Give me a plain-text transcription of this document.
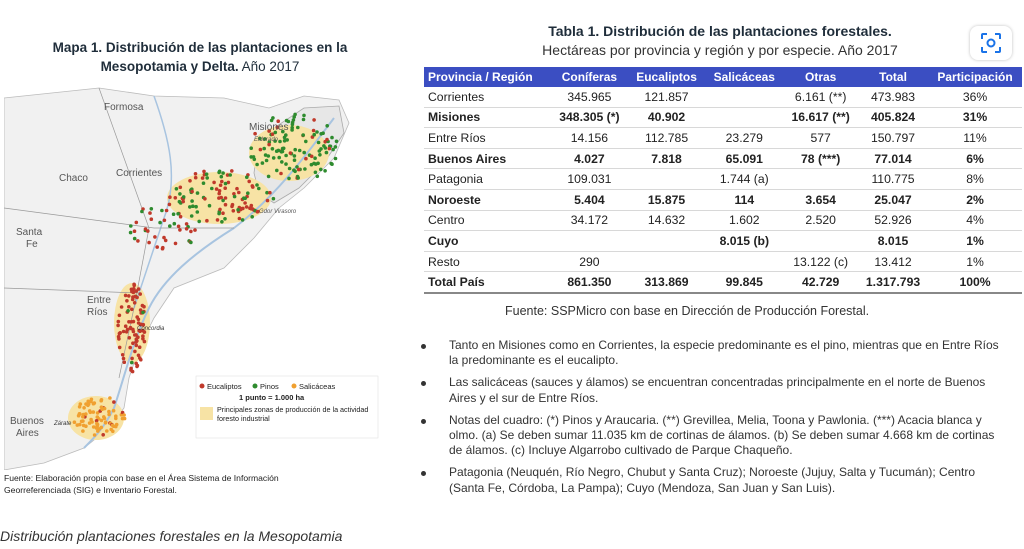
Mapa 1. Distribución de las plantaciones en la Mesopotamia y Delta. Año 2017
Formosa
Misiones
Eldorado
Chaco	Corrientes
Gdor Virasoro
Santa
Fe
Entre
Ríos
Concordia
Buenos
Aires
Zárate
Eucaliptos Pinos	Salicáceas
1 punto = 1.000 ha
Principales zonas de producción de la actividad foresto industrial
Fuente: Elaboración propia con base en el Área Sistema de Información Georreferenciada (SIG) e Inventario Forestal.
Tabla 1. Distribución de las plantaciones forestales.
Hectáreas por provincia y región y por especie. Año 2017
Provincia / Región	Coníferas	Eucaliptos	Salicáceas	Otras	Total	Participación
Corrientes	345.965	121.857		6.161 (**)	473.983	36%
Misiones	348.305 (*)	40.902		16.617 (**)	405.824	31%
Entre Ríos	14.156	112.785	23.279	577	150.797	11%
Buenos Aires	4.027	7.818	65.091	78 (***)	77.014	6%
Patagonia	109.031		1.744 (a)		110.775	8%
Noroeste	5.404	15.875	114	3.654	25.047	2%
Centro	34.172	14.632	1.602	2.520	52.926	4%
Cuyo			8.015 (b)		8.015	1%
Resto	290			13.122 (c)	13.412	1%
Total País	861.350	313.869	99.845	42.729	1.317.793	100%
Fuente: SSPMicro con base en Dirección de Producción Forestal.
Tanto en Misiones como en Corrientes, la especie predominante es el pino, mientras que en Entre Ríos la predominante es el eucalipto.
Las salicáceas (sauces y álamos) se encuentran concentradas principalmente en el norte de Buenos Aires y el sur de Entre Ríos.
Notas del cuadro: (*) Pinos y Araucaria. (**) Grevillea, Melia, Toona y Pawlonia. (***) Acacia blanca y olmo. (a) Se deben sumar 11.035 km de cortinas de álamos. (b) Se deben sumar 4.668 km de cortinas de álamos. (c) Incluye Algarrobo cultivado de Parque Chaqueño.
Patagonia (Neuquén, Río Negro, Chubut y Santa Cruz); Noroeste (Jujuy, Salta y Tucumán); Centro (Santa Fe, Córdoba, La Pampa); Cuyo (Mendoza, San Juan y San Luis).
Distribución plantaciones forestales en la Mesopotamia
